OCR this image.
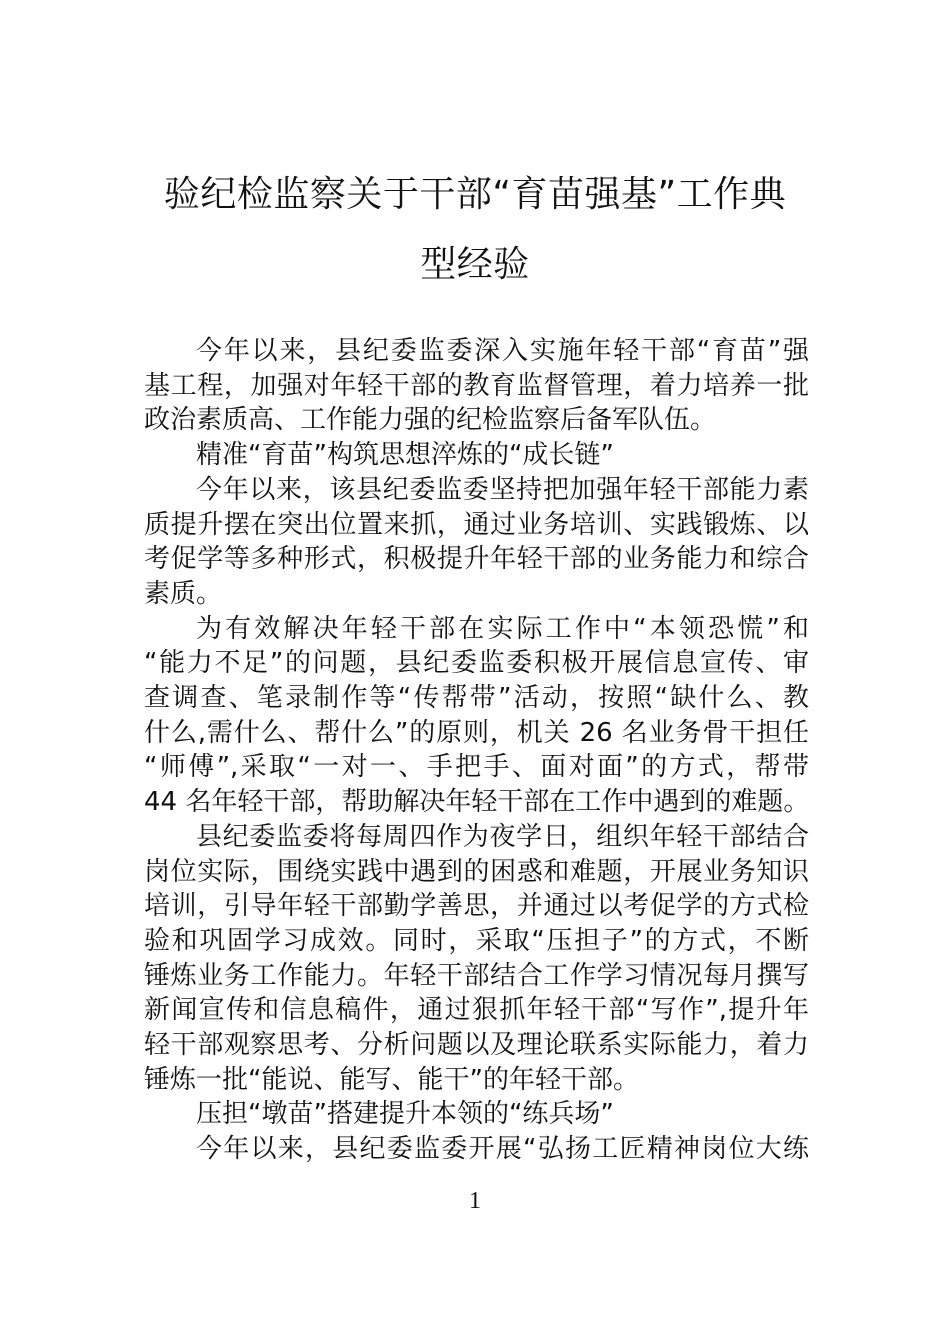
验纪检监察关于干部“育苗强基”工作典
型经验
今年以来，县纪委监委深入实施年轻干部“育苗”强
基工程，加强对年轻干部的教育监督管理，着力培养一批
政治素质高、工作能力强的纪检监察后备军队伍。
精准“育苗”构筑思想淬炼的“成长链”
今年以来，该县纪委监委坚持把加强年轻干部能力素
质提升摆在突出位置来抓，通过业务培训、实践锻炼、以
考促学等多种形式，积极提升年轻干部的业务能力和综合
素质。
为有效解决年轻干部在实际工作中“本领恐慌”和
“能力不足”的问题，县纪委监委积极开展信息宣传、审
查调查、笔录制作等“传帮带”活动，按照“缺什么、教
什么,需什么、帮什么”的原则，机关 26 名业务骨干担任
“师傅”,采取“一对一、手把手、面对面”的方式，帮带
44 名年轻干部，帮助解决年轻干部在工作中遇到的难题。
县纪委监委将每周四作为夜学日，组织年轻干部结合
岗位实际，围绕实践中遇到的困惑和难题，开展业务知识
培训，引导年轻干部勤学善思，并通过以考促学的方式检
验和巩固学习成效。同时，采取“压担子”的方式，不断
锤炼业务工作能力。年轻干部结合工作学习情况每月撰写
新闻宣传和信息稿件，通过狠抓年轻干部“写作”,提升年
轻干部观察思考、分析问题以及理论联系实际能力，着力
锤炼一批“能说、能写、能干”的年轻干部。
压担“墩苗”搭建提升本领的“练兵场”
今年以来，县纪委监委开展“弘扬工匠精神岗位大练
1
